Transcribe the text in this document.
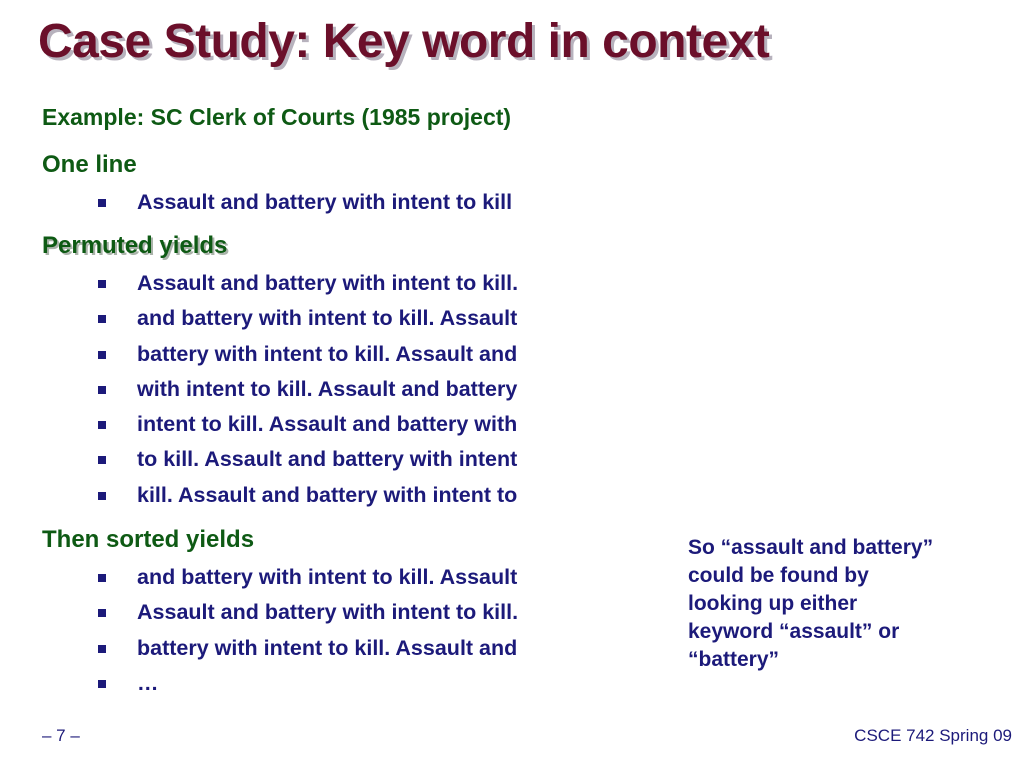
Case Study: Key word in context

Example: SC Clerk of Courts (1985 project)

One line

Assault and battery with intent to kill

Permuted yields

Assault and battery with intent to kill.
and battery with intent to kill. Assault
battery with intent to kill. Assault and
with intent to kill. Assault and battery
intent to kill. Assault and battery with
to kill. Assault and battery with intent
kill. Assault and battery with intent to

Then sorted yields

and battery with intent to kill. Assault
Assault and battery with intent to kill.
battery with intent to kill. Assault and
…
So “assault and battery”
could be found by
looking up either
keyword “assault” or
“battery”

– 7 –	CSCE 742 Spring 09
